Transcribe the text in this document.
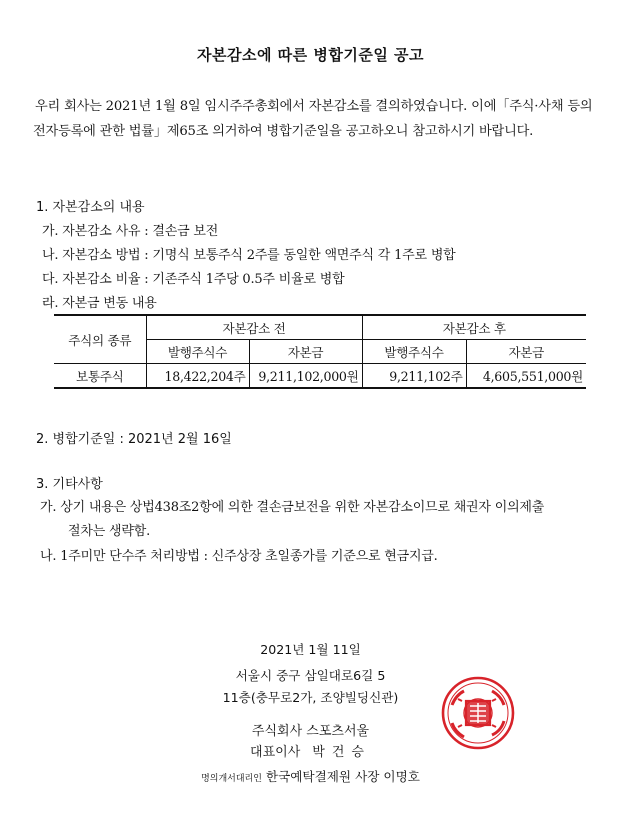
자본감소에 따른 병합기준일 공고
우리 회사는 2021년 1월 8일 임시주주총회에서 자본감소를 결의하였습니다. 이에「주식·사채 등의 전자등록에 관한 법률」제65조 의거하여 병합기준일을 공고하오니 참고하시기 바랍니다.
1. 자본감소의 내용
가. 자본감소 사유 : 결손금 보전
나. 자본감소 방법 : 기명식 보통주식 2주를 동일한 액면주식 각 1주로 병합
다. 자본감소 비율 : 기존주식 1주당 0.5주 비율로 병합
라. 자본금 변동 내용
주식의 종류	자본감소 전		자본감소 후	
	발행주식수	자본금	발행주식수	자본금
보통주식	18,422,204주	9,211,102,000원	9,211,102주	4,605,551,000원
2. 병합기준일 : 2021년 2월 16일
3. 기타사항
가. 상기 내용은 상법438조2항에 의한 결손금보전을 위한 자본감소이므로 채권자 이의제출
절차는 생략함.
나. 1주미만 단수주 처리방법 : 신주상장 초일종가를 기준으로 현금지급.
2021년 1월 11일
서울시 중구 삼일대로6길 5
11층(충무로2가, 조양빌딩신관)
주식회사 스포츠서울
대표이사 박건승
명의개서대리인 한국예탁결제원 사장 이명호
